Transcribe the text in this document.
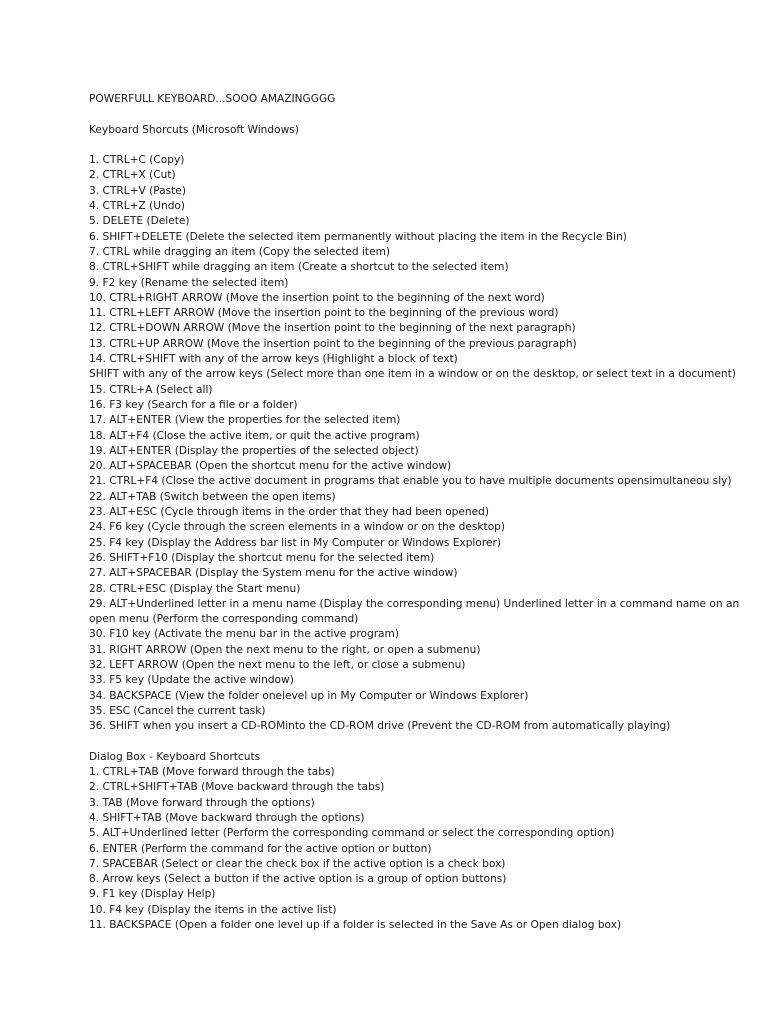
POWERFULL KEYBOARD...SOOO AMAZINGGGG
Keyboard Shorcuts (Microsoft Windows)
1. CTRL+C (Copy)
2. CTRL+X (Cut)
3. CTRL+V (Paste)
4. CTRL+Z (Undo)
5. DELETE (Delete)
6. SHIFT+DELETE (Delete the selected item permanently without placing the item in the Recycle Bin)
7. CTRL while dragging an item (Copy the selected item)
8. CTRL+SHIFT while dragging an item (Create a shortcut to the selected item)
9. F2 key (Rename the selected item)
10. CTRL+RIGHT ARROW (Move the insertion point to the beginning of the next word)
11. CTRL+LEFT ARROW (Move the insertion point to the beginning of the previous word)
12. CTRL+DOWN ARROW (Move the insertion point to the beginning of the next paragraph)
13. CTRL+UP ARROW (Move the insertion point to the beginning of the previous paragraph)
14. CTRL+SHIFT with any of the arrow keys (Highlight a block of text)
SHIFT with any of the arrow keys (Select more than one item in a window or on the desktop, or select text in a document)
15. CTRL+A (Select all)
16. F3 key (Search for a file or a folder)
17. ALT+ENTER (View the properties for the selected item)
18. ALT+F4 (Close the active item, or quit the active program)
19. ALT+ENTER (Display the properties of the selected object)
20. ALT+SPACEBAR (Open the shortcut menu for the active window)
21. CTRL+F4 (Close the active document in programs that enable you to have multiple documents opensimultaneou sly)
22. ALT+TAB (Switch between the open items)
23. ALT+ESC (Cycle through items in the order that they had been opened)
24. F6 key (Cycle through the screen elements in a window or on the desktop)
25. F4 key (Display the Address bar list in My Computer or Windows Explorer)
26. SHIFT+F10 (Display the shortcut menu for the selected item)
27. ALT+SPACEBAR (Display the System menu for the active window)
28. CTRL+ESC (Display the Start menu)
29. ALT+Underlined letter in a menu name (Display the corresponding menu) Underlined letter in a command name on an
open menu (Perform the corresponding command)
30. F10 key (Activate the menu bar in the active program)
31. RIGHT ARROW (Open the next menu to the right, or open a submenu)
32. LEFT ARROW (Open the next menu to the left, or close a submenu)
33. F5 key (Update the active window)
34. BACKSPACE (View the folder onelevel up in My Computer or Windows Explorer)
35. ESC (Cancel the current task)
36. SHIFT when you insert a CD-ROMinto the CD-ROM drive (Prevent the CD-ROM from automatically playing)
Dialog Box - Keyboard Shortcuts
1. CTRL+TAB (Move forward through the tabs)
2. CTRL+SHIFT+TAB (Move backward through the tabs)
3. TAB (Move forward through the options)
4. SHIFT+TAB (Move backward through the options)
5. ALT+Underlined letter (Perform the corresponding command or select the corresponding option)
6. ENTER (Perform the command for the active option or button)
7. SPACEBAR (Select or clear the check box if the active option is a check box)
8. Arrow keys (Select a button if the active option is a group of option buttons)
9. F1 key (Display Help)
10. F4 key (Display the items in the active list)
11. BACKSPACE (Open a folder one level up if a folder is selected in the Save As or Open dialog box)
